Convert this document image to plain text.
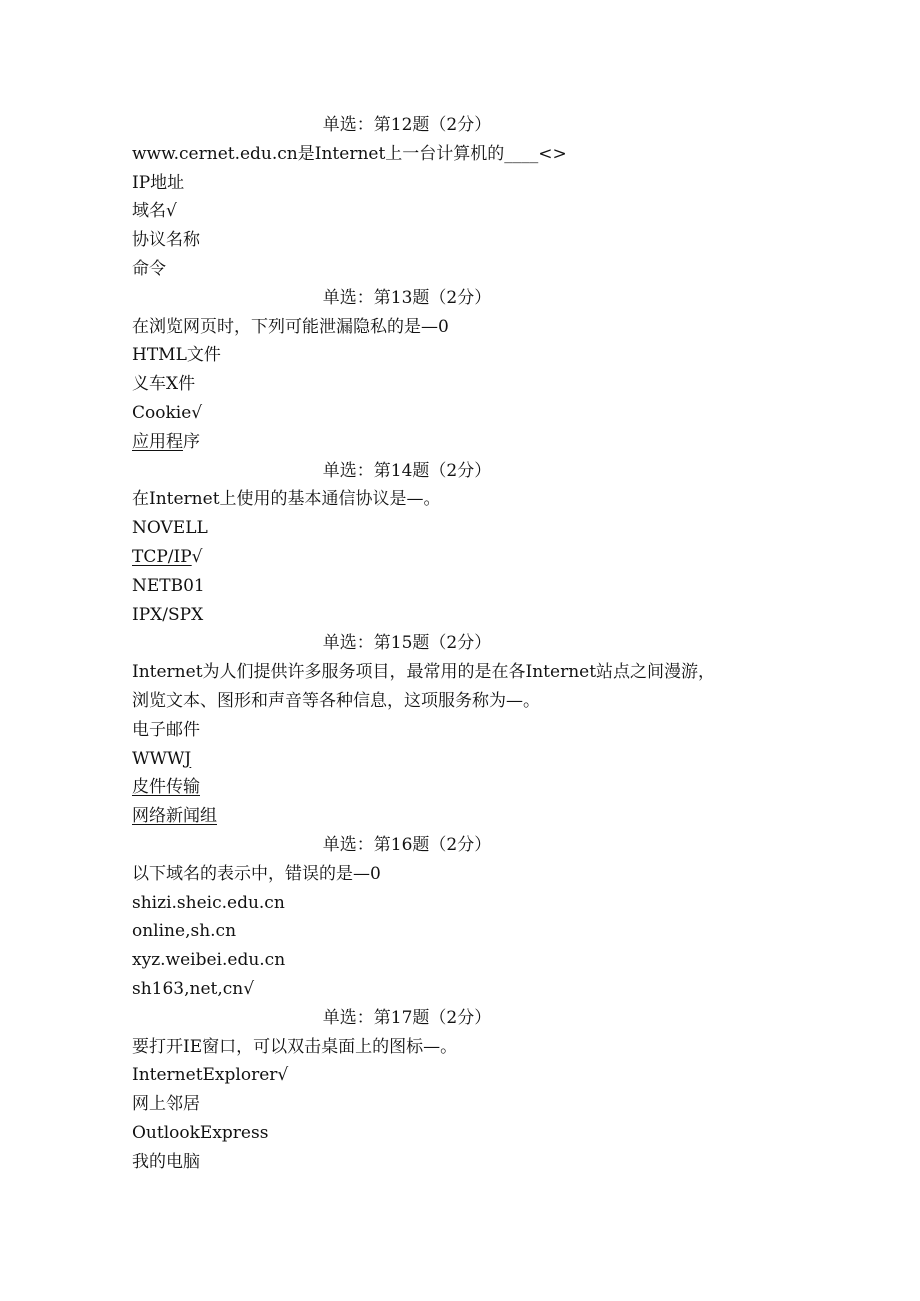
单选：第12题（2分）
www.cernet.edu.cn是Internet上一台计算机的____<>
IP地址
域名√
协议名称
命令
单选：第13题（2分）
在浏览网页时，下列可能泄漏隐私的是—0
HTML文件
义车X件
Cookie√
应用程序
单选：第14题（2分）
在Internet上使用的基本通信协议是—。
NOVELL
TCP/IP√
NETB01
IPX/SPX
单选：第15题（2分）
Internet为人们提供许多服务项目，最常用的是在各Internet站点之间漫游，
浏览文本、图形和声音等各种信息，这项服务称为—。
电子邮件
WWWJ
皮件传输
网络新闻组
单选：第16题（2分）
以下域名的表示中，错误的是—0
shizi.sheic.edu.cn
online,sh.cn
xyz.weibei.edu.cn
sh163,net,cn√
单选：第17题（2分）
要打开IE窗口，可以双击桌面上的图标—。
InternetExplorer√
网上邻居
OutlookExpress
我的电脑
